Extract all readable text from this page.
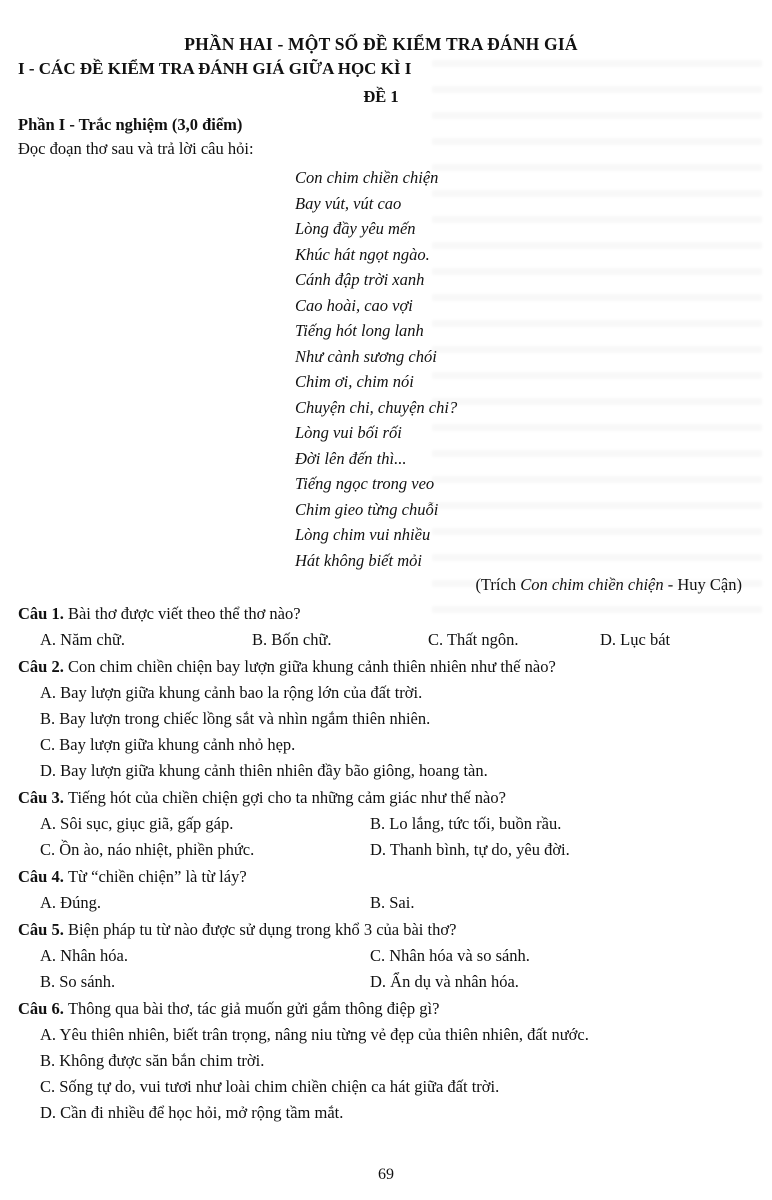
PHẦN HAI - MỘT SỐ ĐỀ KIỂM TRA ĐÁNH GIÁ
I - CÁC ĐỀ KIỂM TRA ĐÁNH GIÁ GIỮA HỌC KÌ I
ĐỀ 1
Phần I - Trắc nghiệm (3,0 điểm)
Đọc đoạn thơ sau và trả lời câu hỏi:
Con chim chiền chiện
Bay vút, vút cao
Lòng đầy yêu mến
Khúc hát ngọt ngào.
Cánh đập trời xanh
Cao hoài, cao vợi
Tiếng hót long lanh
Như cành sương chói
Chim ơi, chim nói
Chuyện chi, chuyện chi?
Lòng vui bối rối
Đời lên đến thì...
Tiếng ngọc trong veo
Chim gieo từng chuỗi
Lòng chim vui nhiều
Hát không biết mỏi
(Trích Con chim chiền chiện - Huy Cận)
Câu 1. Bài thơ được viết theo thể thơ nào?
A. Năm chữ.	B. Bốn chữ.	C. Thất ngôn.	D. Lục bát
Câu 2. Con chim chiền chiện bay lượn giữa khung cảnh thiên nhiên như thế nào?
A. Bay lượn giữa khung cảnh bao la rộng lớn của đất trời.
B. Bay lượn trong chiếc lồng sắt và nhìn ngắm thiên nhiên.
C. Bay lượn giữa khung cảnh nhỏ hẹp.
D. Bay lượn giữa khung cảnh thiên nhiên đầy bão giông, hoang tàn.
Câu 3. Tiếng hót của chiền chiện gợi cho ta những cảm giác như thế nào?
A. Sôi sục, giục giã, gấp gáp.	B. Lo lắng, tức tối, buồn rầu.
C. Ồn ào, náo nhiệt, phiền phức.	D. Thanh bình, tự do, yêu đời.
Câu 4. Từ “chiền chiện” là từ láy?
A. Đúng.	B. Sai.
Câu 5. Biện pháp tu từ nào được sử dụng trong khổ 3 của bài thơ?
A. Nhân hóa.	C. Nhân hóa và so sánh.
B. So sánh.	D. Ẩn dụ và nhân hóa.
Câu 6. Thông qua bài thơ, tác giả muốn gửi gắm thông điệp gì?
A. Yêu thiên nhiên, biết trân trọng, nâng niu từng vẻ đẹp của thiên nhiên, đất nước.
B. Không được săn bắn chim trời.
C. Sống tự do, vui tươi như loài chim chiền chiện ca hát giữa đất trời.
D. Cần đi nhiều để học hỏi, mở rộng tầm mắt.
69
